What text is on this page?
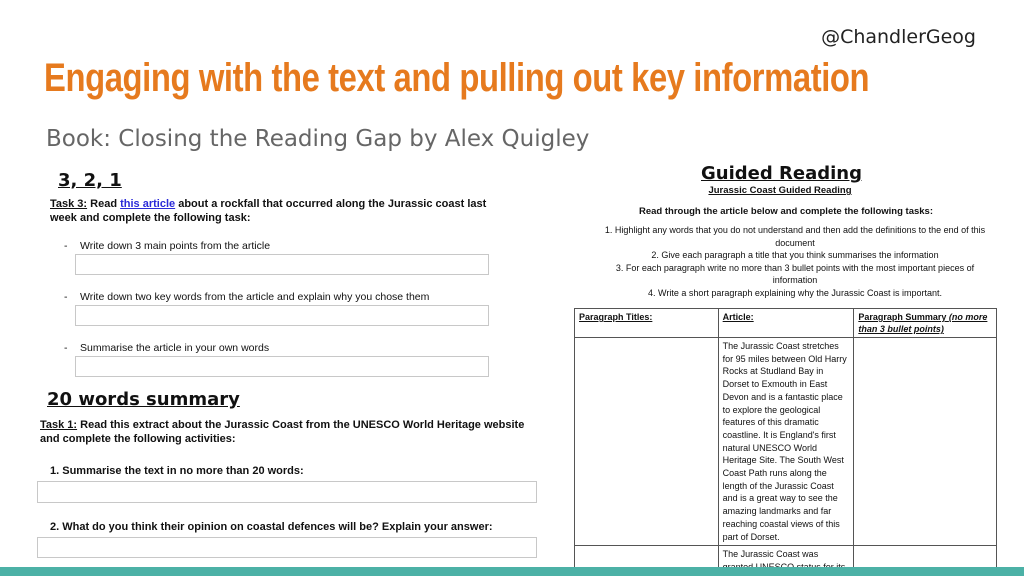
@ChandlerGeog
Engaging with the text and pulling out key information
Book: Closing the Reading Gap by Alex Quigley
3, 2, 1

Task 3: Read this article about a rockfall that occurred along the Jurassic coast last week and complete the following task:

- Write down 3 main points from the article
- Write down two key words from the article and explain why you chose them
- Summarise the article in your own words
20 words summary

Task 1: Read this extract about the Jurassic Coast from the UNESCO World Heritage website and complete the following activities:

1. Summarise the text in no more than 20 words:
2. What do you think their opinion on coastal defences will be? Explain your answer:
Guided Reading
Jurassic Coast Guided Reading
Read through the article below and complete the following tasks:
1. Highlight any words that you do not understand and then add the definitions to the end of this document
2. Give each paragraph a title that you think summarises the information
3. For each paragraph write no more than 3 bullet points with the most important pieces of information
4. Write a short paragraph explaining why the Jurassic Coast is important.
Paragraph Titles:	Article:	Paragraph Summary (no more than 3 bullet points)
	The Jurassic Coast stretches for 95 miles between Old Harry Rocks at Studland Bay in Dorset to Exmouth in East Devon and is a fantastic place to explore the geological features of this dramatic coastline. It is England's first natural UNESCO World Heritage Site. The South West Coast Path runs along the length of the Jurassic Coast and is a great way to see the amazing landmarks and far reaching coastal views of this part of Dorset.	
	The Jurassic Coast was	
